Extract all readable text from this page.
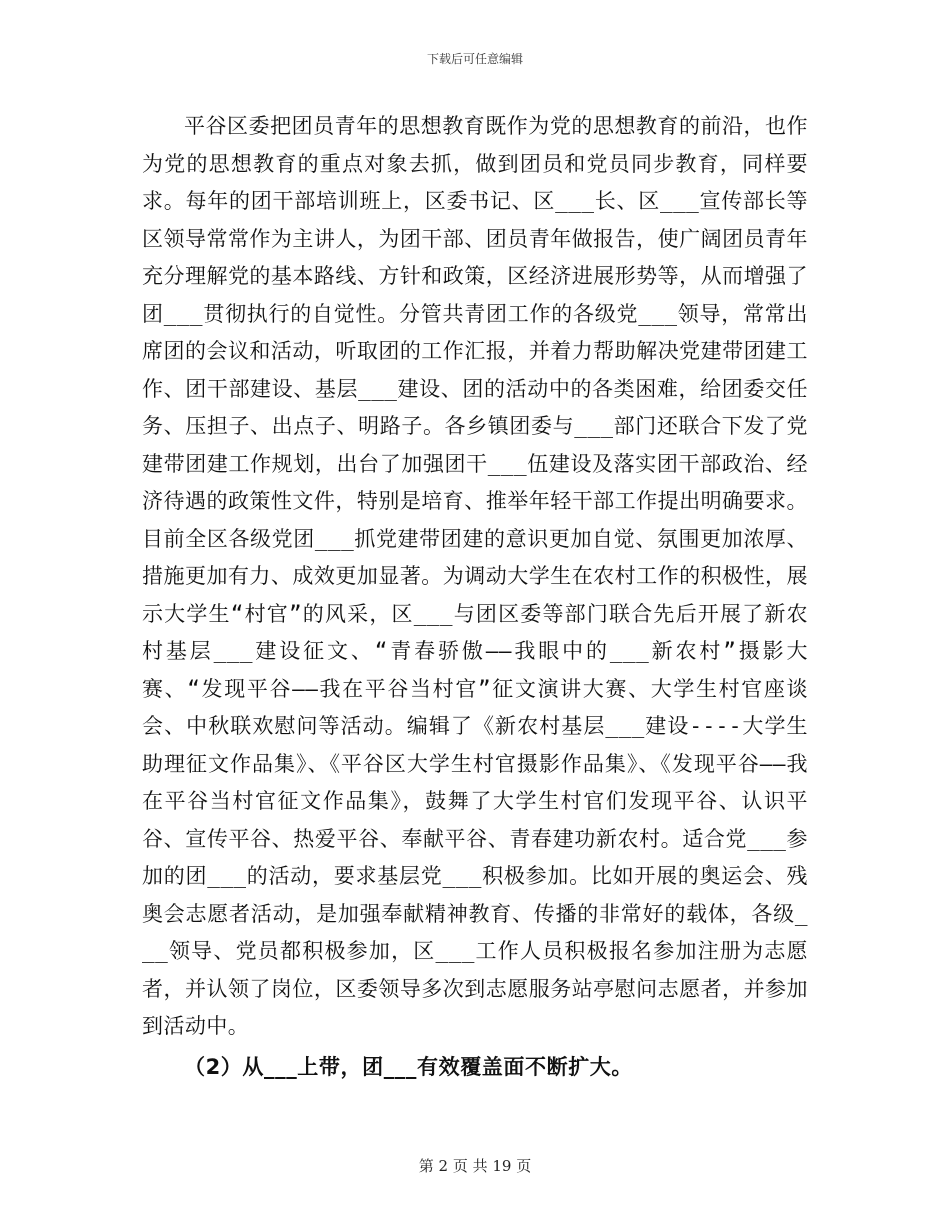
下载后可任意编辑

平谷区委把团员青年的思想教育既作为党的思想教育的前沿，也作为党的思想教育的重点对象去抓，做到团员和党员同步教育，同样要求。每年的团干部培训班上，区委书记、区___长、区___宣传部长等区领导常常作为主讲人，为团干部、团员青年做报告，使广阔团员青年充分理解党的基本路线、方针和政策，区经济进展形势等，从而增强了团___贯彻执行的自觉性。分管共青团工作的各级党___领导，常常出席团的会议和活动，听取团的工作汇报，并着力帮助解决党建带团建工作、团干部建设、基层___建设、团的活动中的各类困难，给团委交任务、压担子、出点子、明路子。各乡镇团委与___部门还联合下发了党建带团建工作规划，出台了加强团干___伍建设及落实团干部政治、经济待遇的政策性文件，特别是培育、推举年轻干部工作提出明确要求。目前全区各级党团___抓党建带团建的意识更加自觉、氛围更加浓厚、措施更加有力、成效更加显著。为调动大学生在农村工作的积极性，展示大学生“村官”的风采，区___与团区委等部门联合先后开展了新农村基层___建设征文、“青春骄傲——我眼中的___新农村”摄影大赛、“发现平谷——我在平谷当村官”征文演讲大赛、大学生村官座谈会、中秋联欢慰问等活动。编辑了《新农村基层___建设----大学生助理征文作品集》、《平谷区大学生村官摄影作品集》、《发现平谷——我在平谷当村官征文作品集》，鼓舞了大学生村官们发现平谷、认识平谷、宣传平谷、热爱平谷、奉献平谷、青春建功新农村。适合党___参加的团___的活动，要求基层党___积极参加。比如开展的奥运会、残奥会志愿者活动，是加强奉献精神教育、传播的非常好的载体，各级___领导、党员都积极参加，区___工作人员积极报名参加注册为志愿者，并认领了岗位，区委领导多次到志愿服务站亭慰问志愿者，并参加到活动中。

（2）从___上带，团___有效覆盖面不断扩大。

第 2 页 共 19 页
